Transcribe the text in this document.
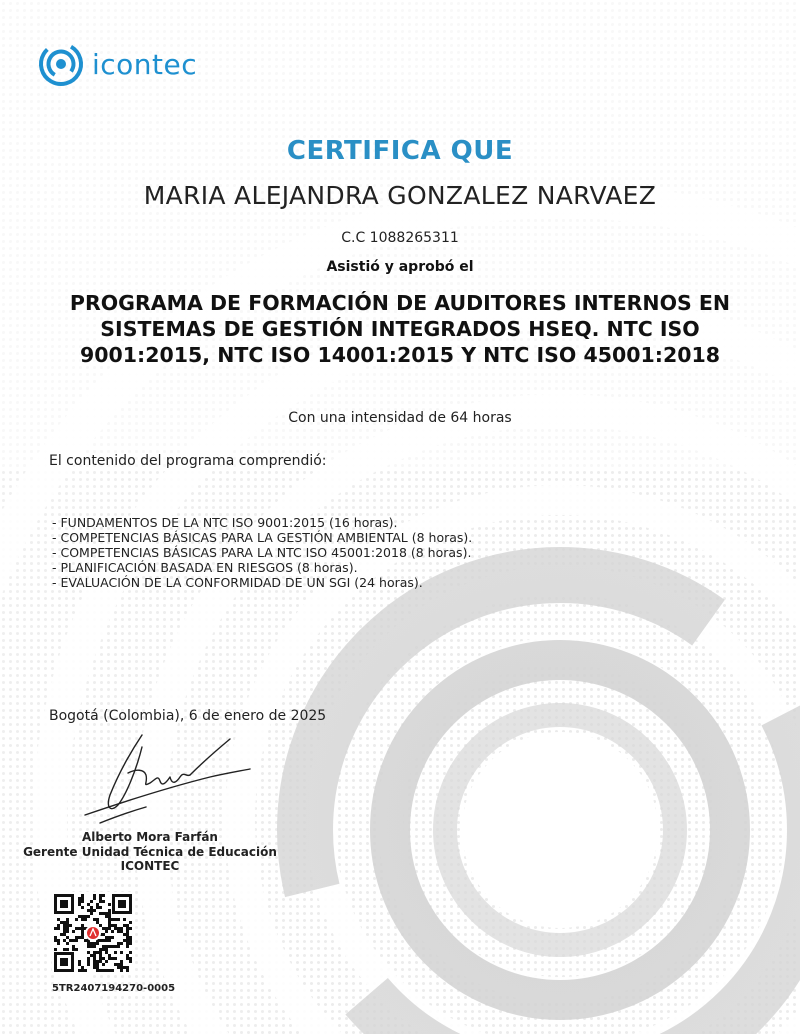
icontec
CERTIFICA QUE
MARIA ALEJANDRA GONZALEZ NARVAEZ
C.C 1088265311
Asistió y aprobó el
PROGRAMA DE FORMACIÓN DE AUDITORES INTERNOS EN
SISTEMAS DE GESTIÓN INTEGRADOS HSEQ. NTC ISO
9001:2015, NTC ISO 14001:2015 Y NTC ISO 45001:2018
Con una intensidad de 64 horas
El contenido del programa comprendió:
- FUNDAMENTOS DE LA NTC ISO 9001:2015 (16 horas).
- COMPETENCIAS BÁSICAS PARA LA GESTIÓN AMBIENTAL (8 horas).
- COMPETENCIAS BÁSICAS PARA LA NTC ISO 45001:2018 (8 horas).
- PLANIFICACIÓN BASADA EN RIESGOS (8 horas).
- EVALUACIÓN DE LA CONFORMIDAD DE UN SGI (24 horas).
Bogotá (Colombia), 6 de enero de 2025
Alberto Mora Farfán
Gerente Unidad Técnica de Educación ICONTEC
5TR2407194270-0005
